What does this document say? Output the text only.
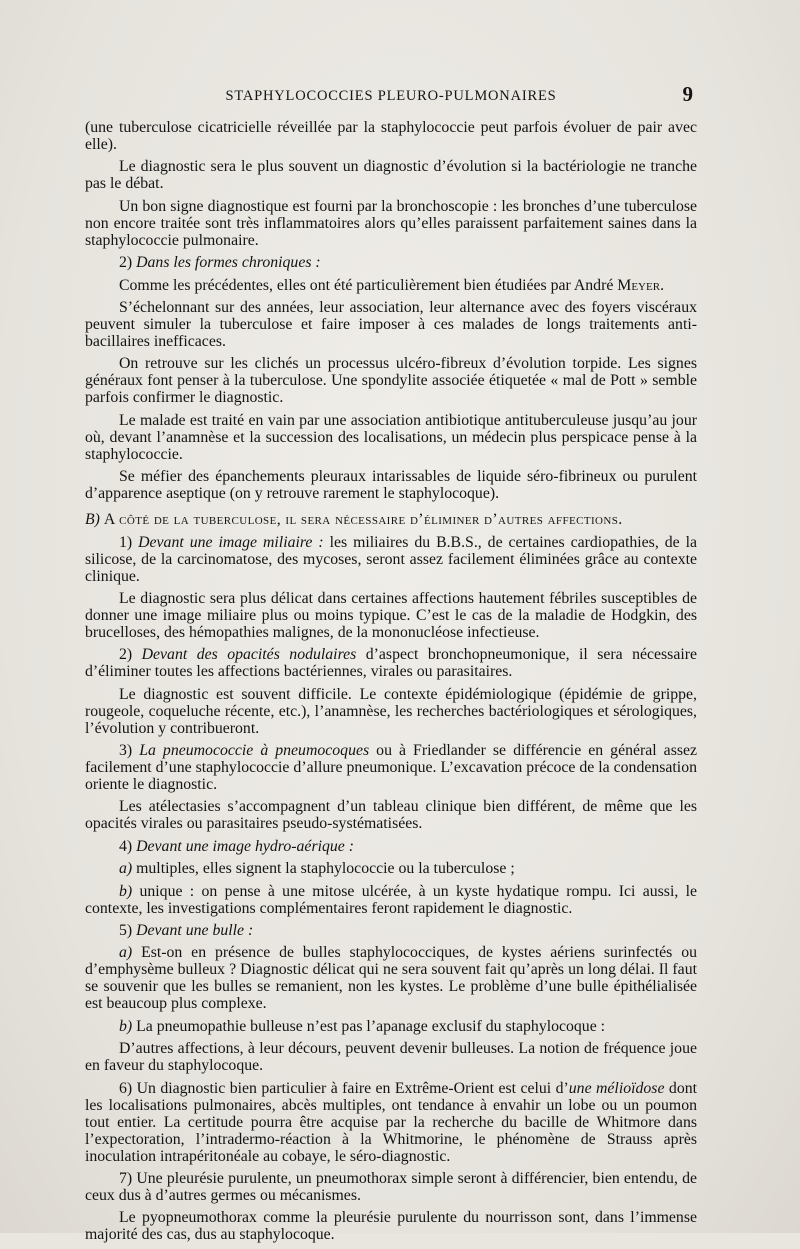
STAPHYLOCOCCIES PLEURO-PULMONAIRES	9

(une tuberculose cicatricielle réveillée par la staphylococcie peut parfois évoluer de pair avec elle).

Le diagnostic sera le plus souvent un diagnostic d’évolution si la bactériologie ne tranche pas le débat.

Un bon signe diagnostique est fourni par la bronchoscopie : les bronches d’une tuberculose non encore traitée sont très inflammatoires alors qu’elles paraissent parfaitement saines dans la staphylococcie pulmonaire.

2) Dans les formes chroniques :

Comme les précédentes, elles ont été particulièrement bien étudiées par André Meyer.

S’échelonnant sur des années, leur association, leur alternance avec des foyers viscéraux peuvent simuler la tuberculose et faire imposer à ces malades de longs traitements anti-bacillaires inefficaces.

On retrouve sur les clichés un processus ulcéro-fibreux d’évolution torpide. Les signes généraux font penser à la tuberculose. Une spondylite associée étiquetée « mal de Pott » semble parfois confirmer le diagnostic.

Le malade est traité en vain par une association antibiotique antituberculeuse jusqu’au jour où, devant l’anamnèse et la succession des localisations, un médecin plus perspicace pense à la staphylococcie.

Se méfier des épanchements pleuraux intarissables de liquide séro-fibrineux ou purulent d’apparence aseptique (on y retrouve rarement le staphylocoque).

B) A côté de la tuberculose, il sera nécessaire d’éliminer d’autres affections.

1) Devant une image miliaire : les miliaires du B.B.S., de certaines cardiopathies, de la silicose, de la carcinomatose, des mycoses, seront assez facilement éliminées grâce au contexte clinique.

Le diagnostic sera plus délicat dans certaines affections hautement fébriles susceptibles de donner une image miliaire plus ou moins typique. C’est le cas de la maladie de Hodgkin, des brucelloses, des hémopathies malignes, de la mononucléose infectieuse.

2) Devant des opacités nodulaires d’aspect bronchopneumonique, il sera nécessaire d’éliminer toutes les affections bactériennes, virales ou parasitaires.

Le diagnostic est souvent difficile. Le contexte épidémiologique (épidémie de grippe, rougeole, coqueluche récente, etc.), l’anamnèse, les recherches bactériologiques et sérologiques, l’évolution y contribueront.

3) La pneumococcie à pneumocoques ou à Friedlander se différencie en général assez facilement d’une staphylococcie d’allure pneumonique. L’excavation précoce de la condensation oriente le diagnostic.

Les atélectasies s’accompagnent d’un tableau clinique bien différent, de même que les opacités virales ou parasitaires pseudo-systématisées.

4) Devant une image hydro-aérique :

a) multiples, elles signent la staphylococcie ou la tuberculose ;

b) unique : on pense à une mitose ulcérée, à un kyste hydatique rompu. Ici aussi, le contexte, les investigations complémentaires feront rapidement le diagnostic.

5) Devant une bulle :

a) Est-on en présence de bulles staphylococciques, de kystes aériens surinfectés ou d’emphysème bulleux ? Diagnostic délicat qui ne sera souvent fait qu’après un long délai. Il faut se souvenir que les bulles se remanient, non les kystes. Le problème d’une bulle épithélialisée est beaucoup plus complexe.

b) La pneumopathie bulleuse n’est pas l’apanage exclusif du staphylocoque :

D’autres affections, à leur décours, peuvent devenir bulleuses. La notion de fréquence joue en faveur du staphylocoque.

6) Un diagnostic bien particulier à faire en Extrême-Orient est celui d’une mélioïdose dont les localisations pulmonaires, abcès multiples, ont tendance à envahir un lobe ou un poumon tout entier. La certitude pourra être acquise par la recherche du bacille de Whitmore dans l’expectoration, l’intradermo-réaction à la Whitmorine, le phénomène de Strauss après inoculation intrapéritonéale au cobaye, le séro-diagnostic.

7) Une pleurésie purulente, un pneumothorax simple seront à différencier, bien entendu, de ceux dus à d’autres germes ou mécanismes.

Le pyopneumothorax comme la pleurésie purulente du nourrisson sont, dans l’immense majorité des cas, dus au staphylocoque.
